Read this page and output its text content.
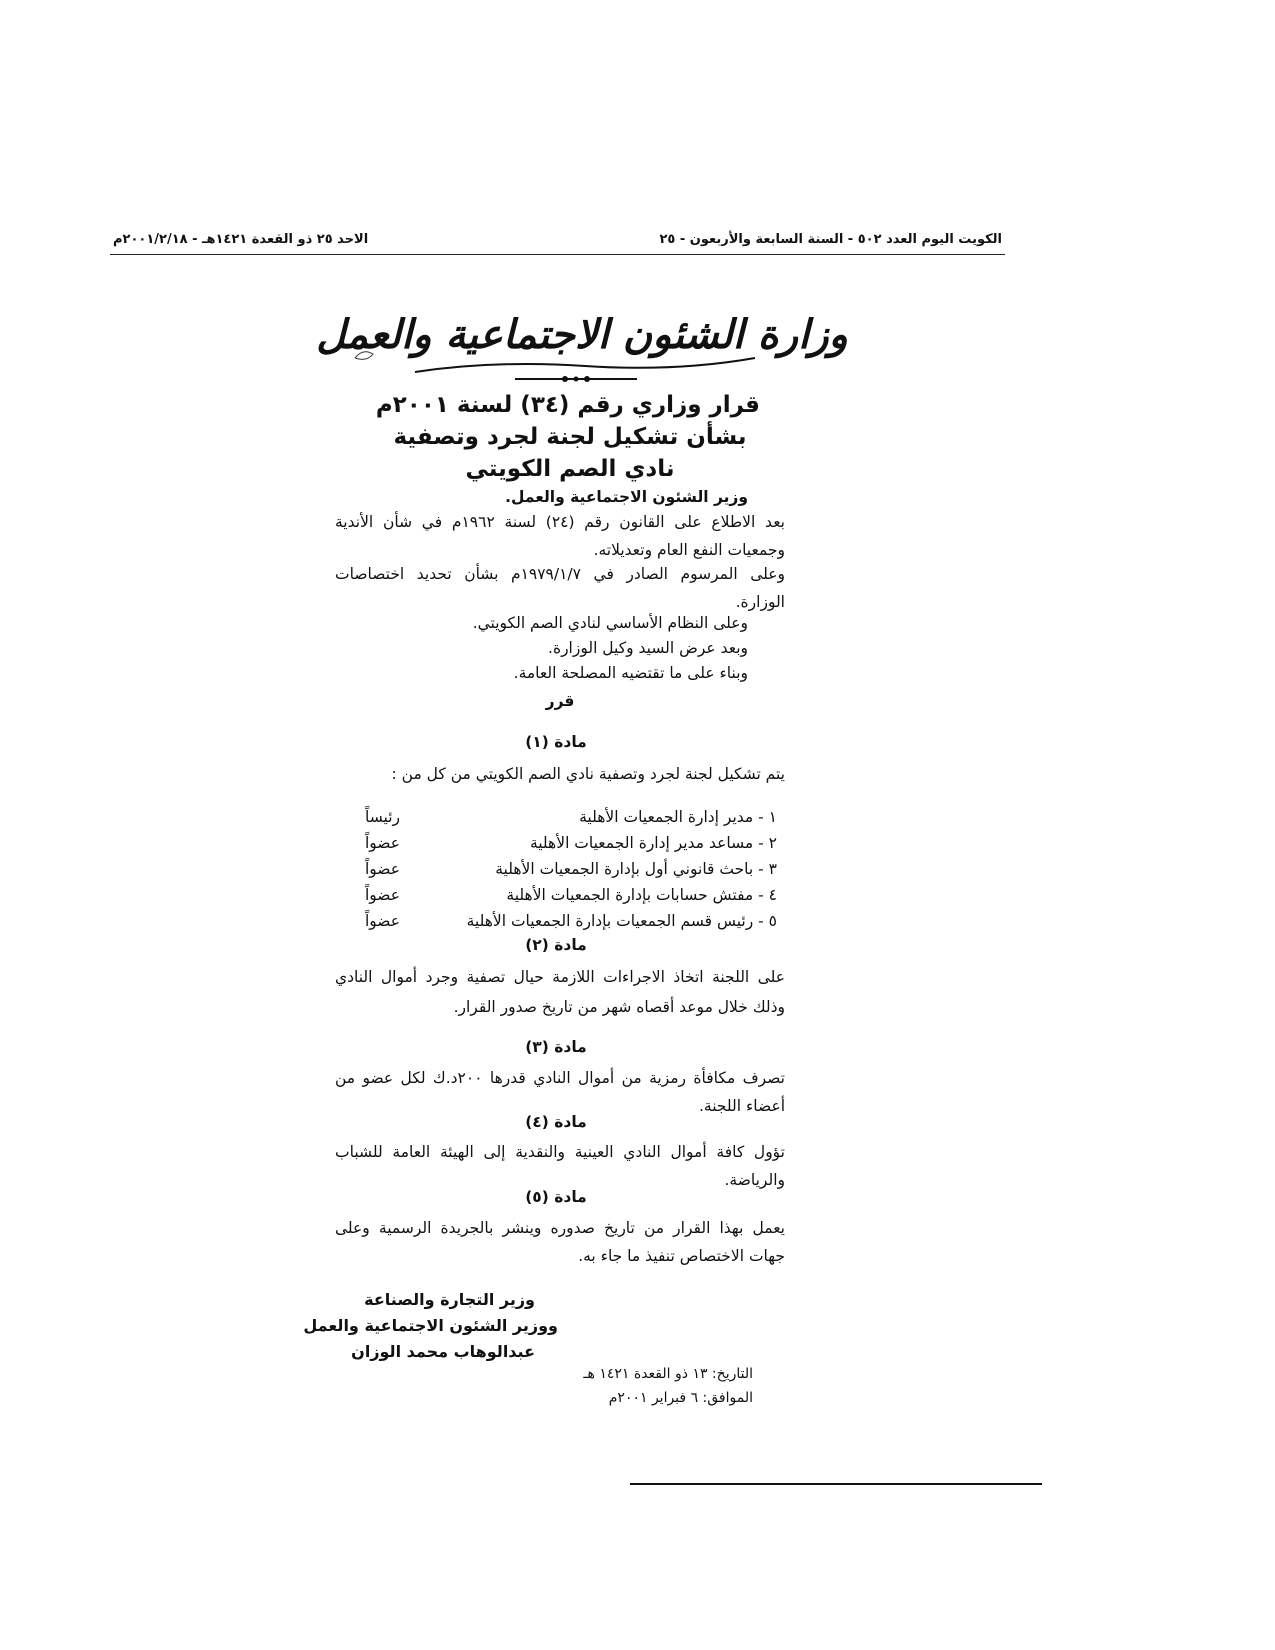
الكويت اليوم العدد ٥٠٢ - السنة السابعة والأربعون - ٢٥
الاحد ٢٥ ذو القعدة ١٤٢١هـ - ٢٠٠١/٢/١٨م
وزارة الشئون الاجتماعية والعمل
قرار وزاري رقم (٣٤) لسنة ٢٠٠١م
بشأن تشكيل لجنة لجرد وتصفية
نادي الصم الكويتي
وزير الشئون الاجتماعية والعمل.
بعد الاطلاع على القانون رقم (٢٤) لسنة ١٩٦٢م في شأن الأندية وجمعيات النفع العام وتعديلاته.
وعلى المرسوم الصادر في ١٩٧٩/١/٧م بشأن تحديد اختصاصات الوزارة.
وعلى النظام الأساسي لنادي الصم الكويتي.
وبعد عرض السيد وكيل الوزارة.
وبناء على ما تقتضيه المصلحة العامة.
قرر
مادة (١)
يتم تشكيل لجنة لجرد وتصفية نادي الصم الكويتي من كل من :
١ - مدير إدارة الجمعيات الأهلية
رئيساً
٢ - مساعد مدير إدارة الجمعيات الأهلية
عضواً
٣ - باحث قانوني أول بإدارة الجمعيات الأهلية
عضواً
٤ - مفتش حسابات بإدارة الجمعيات الأهلية
عضواً
٥ - رئيس قسم الجمعيات بإدارة الجمعيات الأهلية
عضواً
مادة (٢)
على اللجنة اتخاذ الاجراءات اللازمة حيال تصفية وجرد أموال النادي وذلك خلال موعد أقصاه شهر من تاريخ صدور القرار.
مادة (٣)
تصرف مكافأة رمزية من أموال النادي قدرها ٢٠٠د.ك لكل عضو من أعضاء اللجنة.
مادة (٤)
تؤول كافة أموال النادي العينية والنقدية إلى الهيئة العامة للشباب والرياضة.
مادة (٥)
يعمل بهذا القرار من تاريخ صدوره وينشر بالجريدة الرسمية وعلى جهات الاختصاص تنفيذ ما جاء به.
وزير التجارة والصناعة
ووزير الشئون الاجتماعية والعمل
عبدالوهاب محمد الوزان
التاريخ: ١٣ ذو القعدة ١٤٢١ هـ
الموافق: ٦ فبراير ٢٠٠١م
